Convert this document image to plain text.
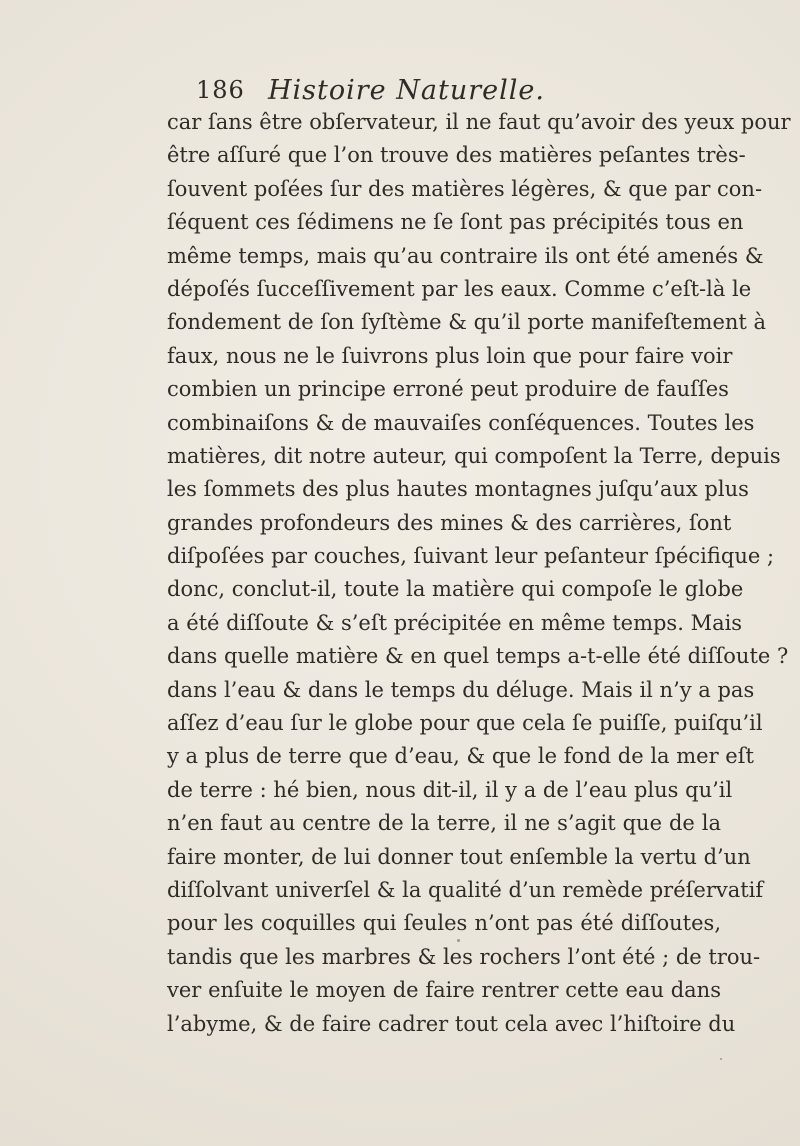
186 Histoire Naturelle.
car ſans être obſervateur, il ne faut qu’avoir des yeux pour
être aſſuré que l’on trouve des matières peſantes très-
ſouvent poſées ſur des matières légères, & que par con-
ſéquent ces ſédimens ne ſe ſont pas précipités tous en
même temps, mais qu’au contraire ils ont été amenés &
dépoſés ſucceſſivement par les eaux. Comme c’eſt-là le
fondement de ſon ſyſtème & qu’il porte manifeſtement à
faux, nous ne le ſuivrons plus loin que pour faire voir
combien un principe erroné peut produire de fauſſes
combinaiſons & de mauvaiſes conſéquences. Toutes les
matières, dit notre auteur, qui compoſent la Terre, depuis
les ſommets des plus hautes montagnes juſqu’aux plus
grandes profondeurs des mines & des carrières, ſont
diſpoſées par couches, ſuivant leur peſanteur ſpécifique ;
donc, conclut-il, toute la matière qui compoſe le globe
a été diſſoute & s’eſt précipitée en même temps. Mais
dans quelle matière & en quel temps a-t-elle été diſſoute ?
dans l’eau & dans le temps du déluge. Mais il n’y a pas
aſſez d’eau ſur le globe pour que cela ſe puiſſe, puiſqu’il
y a plus de terre que d’eau, & que le fond de la mer eſt
de terre : hé bien, nous dit-il, il y a de l’eau plus qu’il
n’en faut au centre de la terre, il ne s’agit que de la
faire monter, de lui donner tout enſemble la vertu d’un
diſſolvant univerſel & la qualité d’un remède préſervatif
pour les coquilles qui ſeules n’ont pas été diſſoutes,
tandis que les marbres & les rochers l’ont été ; de trou-
ver enſuite le moyen de faire rentrer cette eau dans
l’abyme, & de faire cadrer tout cela avec l’hiſtoire du
